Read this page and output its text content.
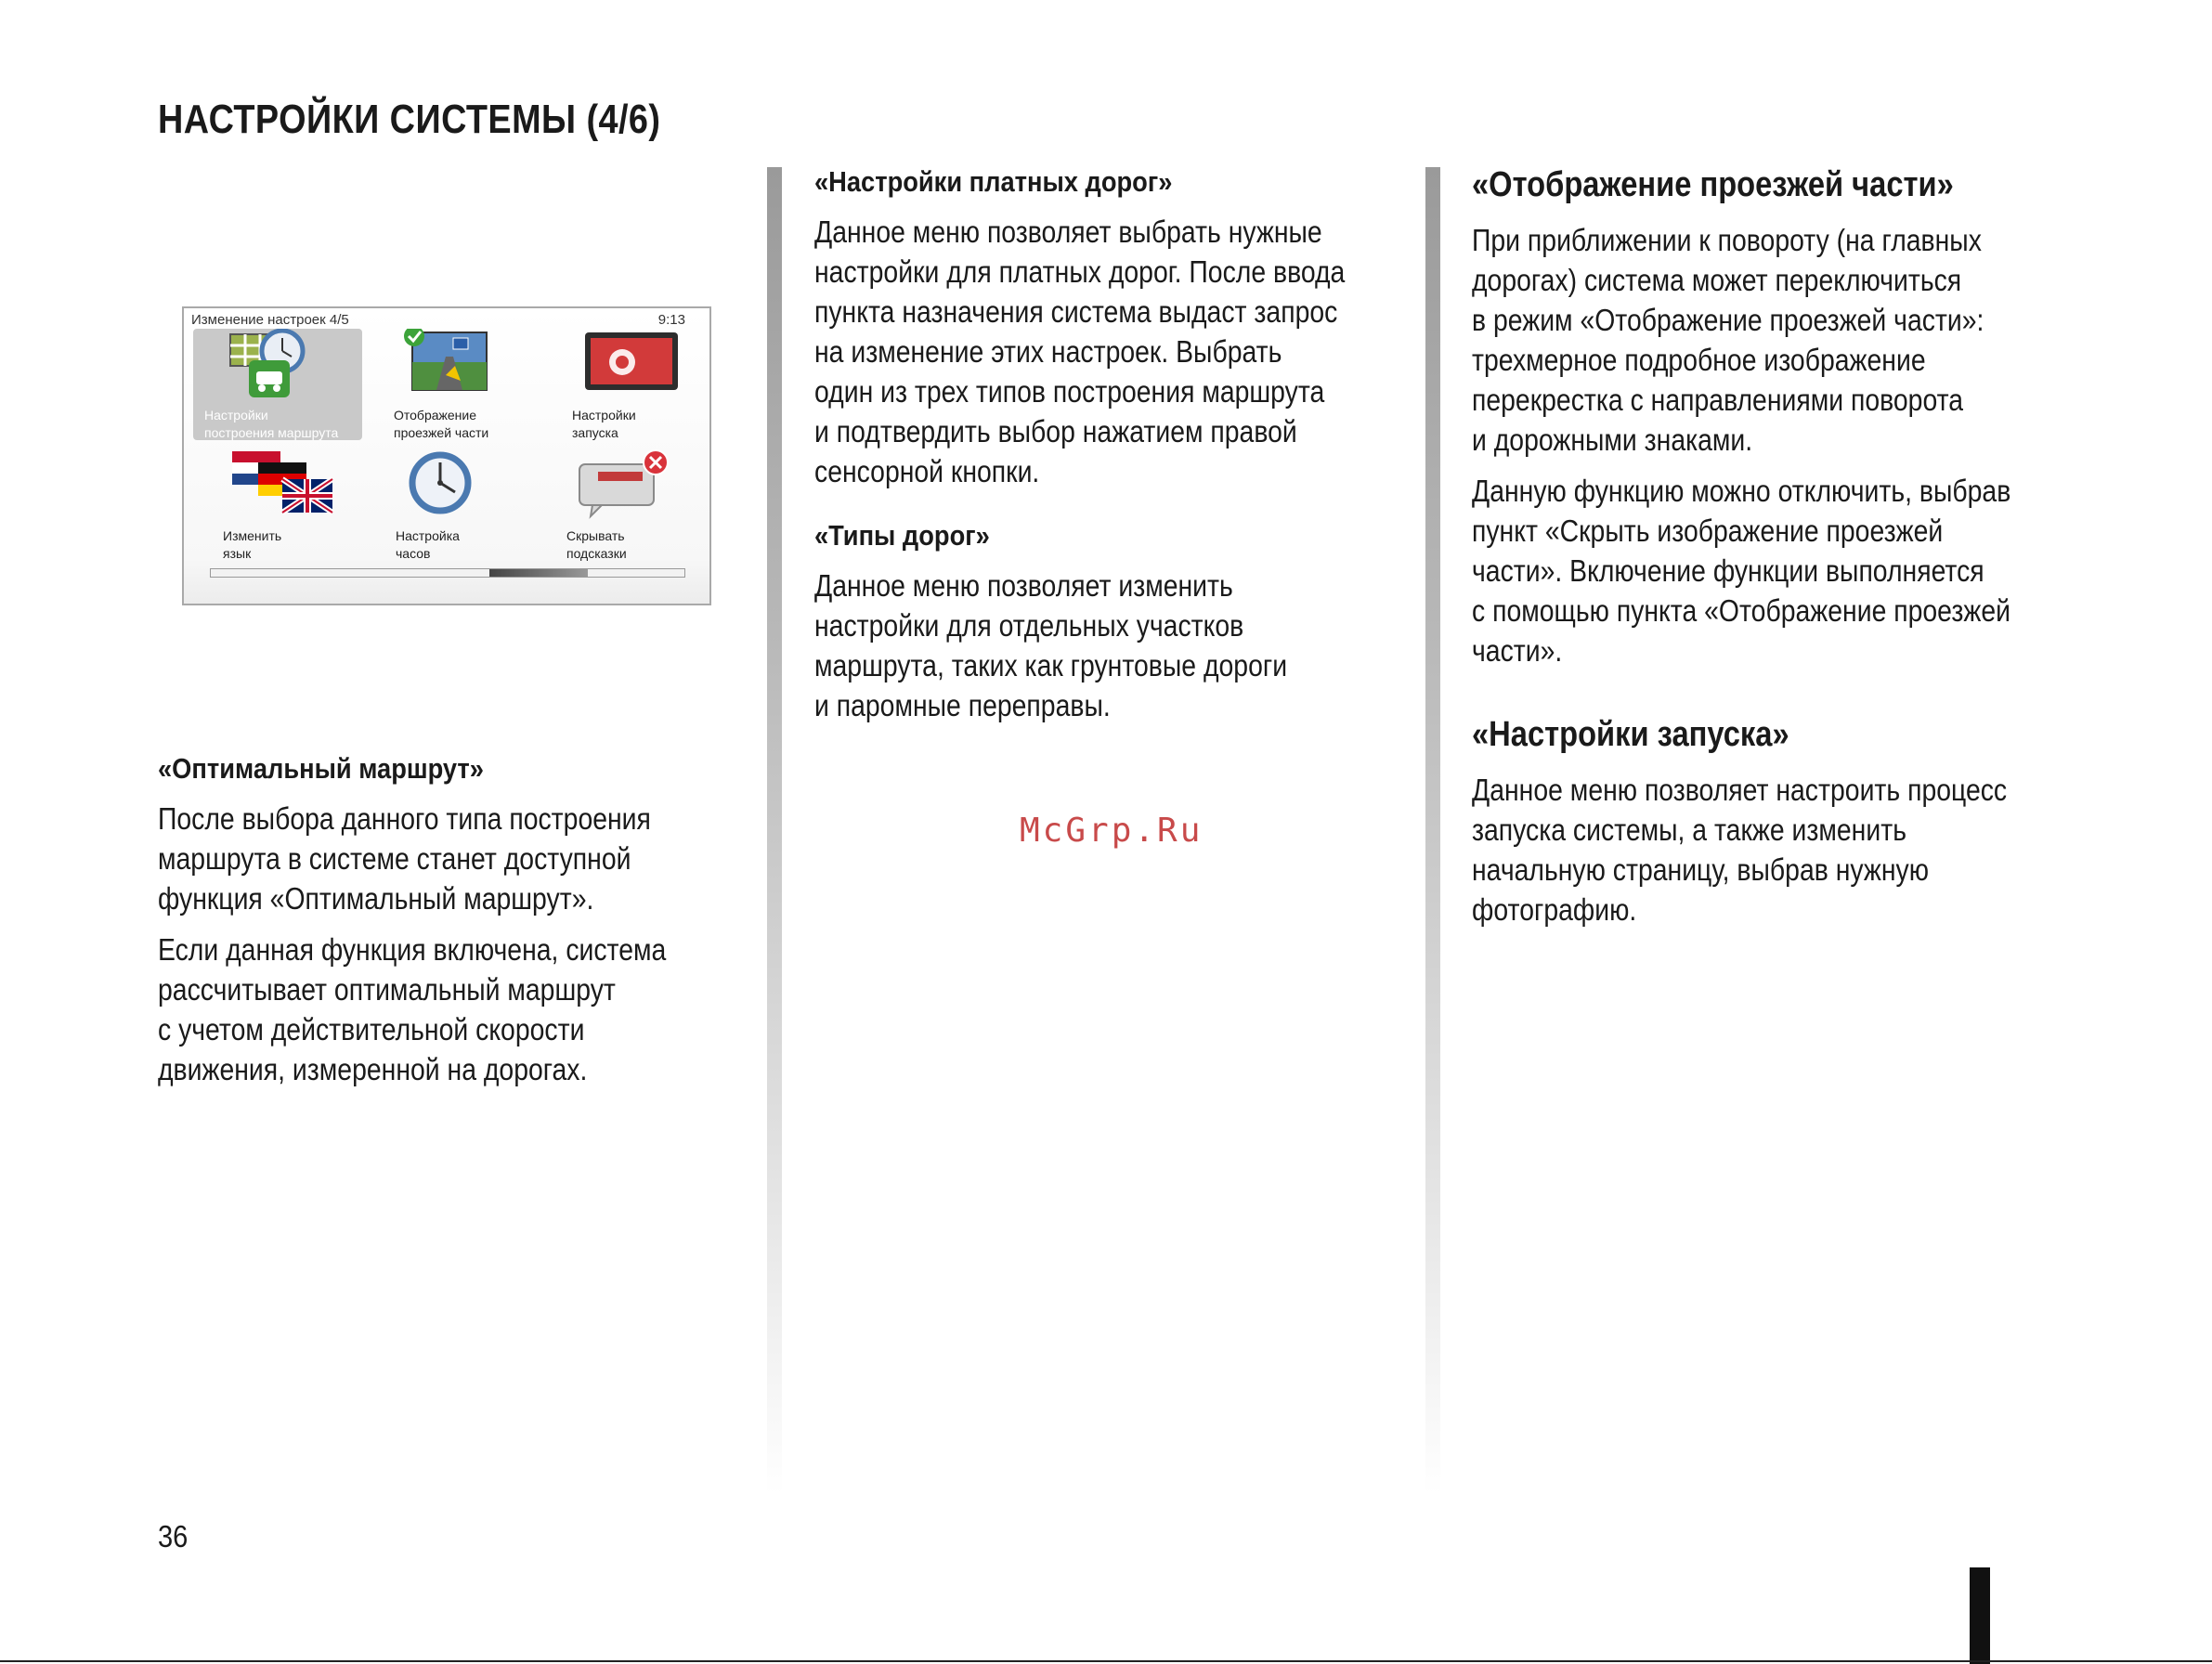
НАСТРОЙКИ СИСТЕМЫ (4/6)
Изменение настроек 4/5	9:13
Настройки
построения маршрута
Отображение
проезжей части
Настройки
запуска
Изменить
язык
Настройка
часов
Скрывать
подсказки
«Оптимальный маршрут»

После выбора данного типа построения
маршрута в системе станет доступной
функция «Оптимальный маршрут».

Если данная функция включена, система
рассчитывает оптимальный маршрут
с учетом действительной скорости
движения, измеренной на дорогах.

«Настройки платных дорог»

Данное меню позволяет выбрать нужные
настройки для платных дорог. После ввода
пункта назначения система выдаст запрос
на изменение этих настроек. Выбрать
один из трех типов построения маршрута
и подтвердить выбор нажатием правой
сенсорной кнопки.

«Типы дорог»

Данное меню позволяет изменить
настройки для отдельных участков
маршрута, таких как грунтовые дороги
и паромные переправы.

«Отображение проезжей части»

При приближении к повороту (на главных
дорогах) система может переключиться
в режим «Отображение проезжей части»:
трехмерное подробное изображение
перекрестка с направлениями поворота
и дорожными знаками.

Данную функцию можно отключить, выбрав
пункт «Скрыть изображение проезжей
части». Включение функции выполняется
с помощью пункта «Отображение проезжей
части».

«Настройки запуска»

Данное меню позволяет настроить процесс
запуска системы, а также изменить
начальную страницу, выбрав нужную
фотографию.

McGrp.Ru
36
